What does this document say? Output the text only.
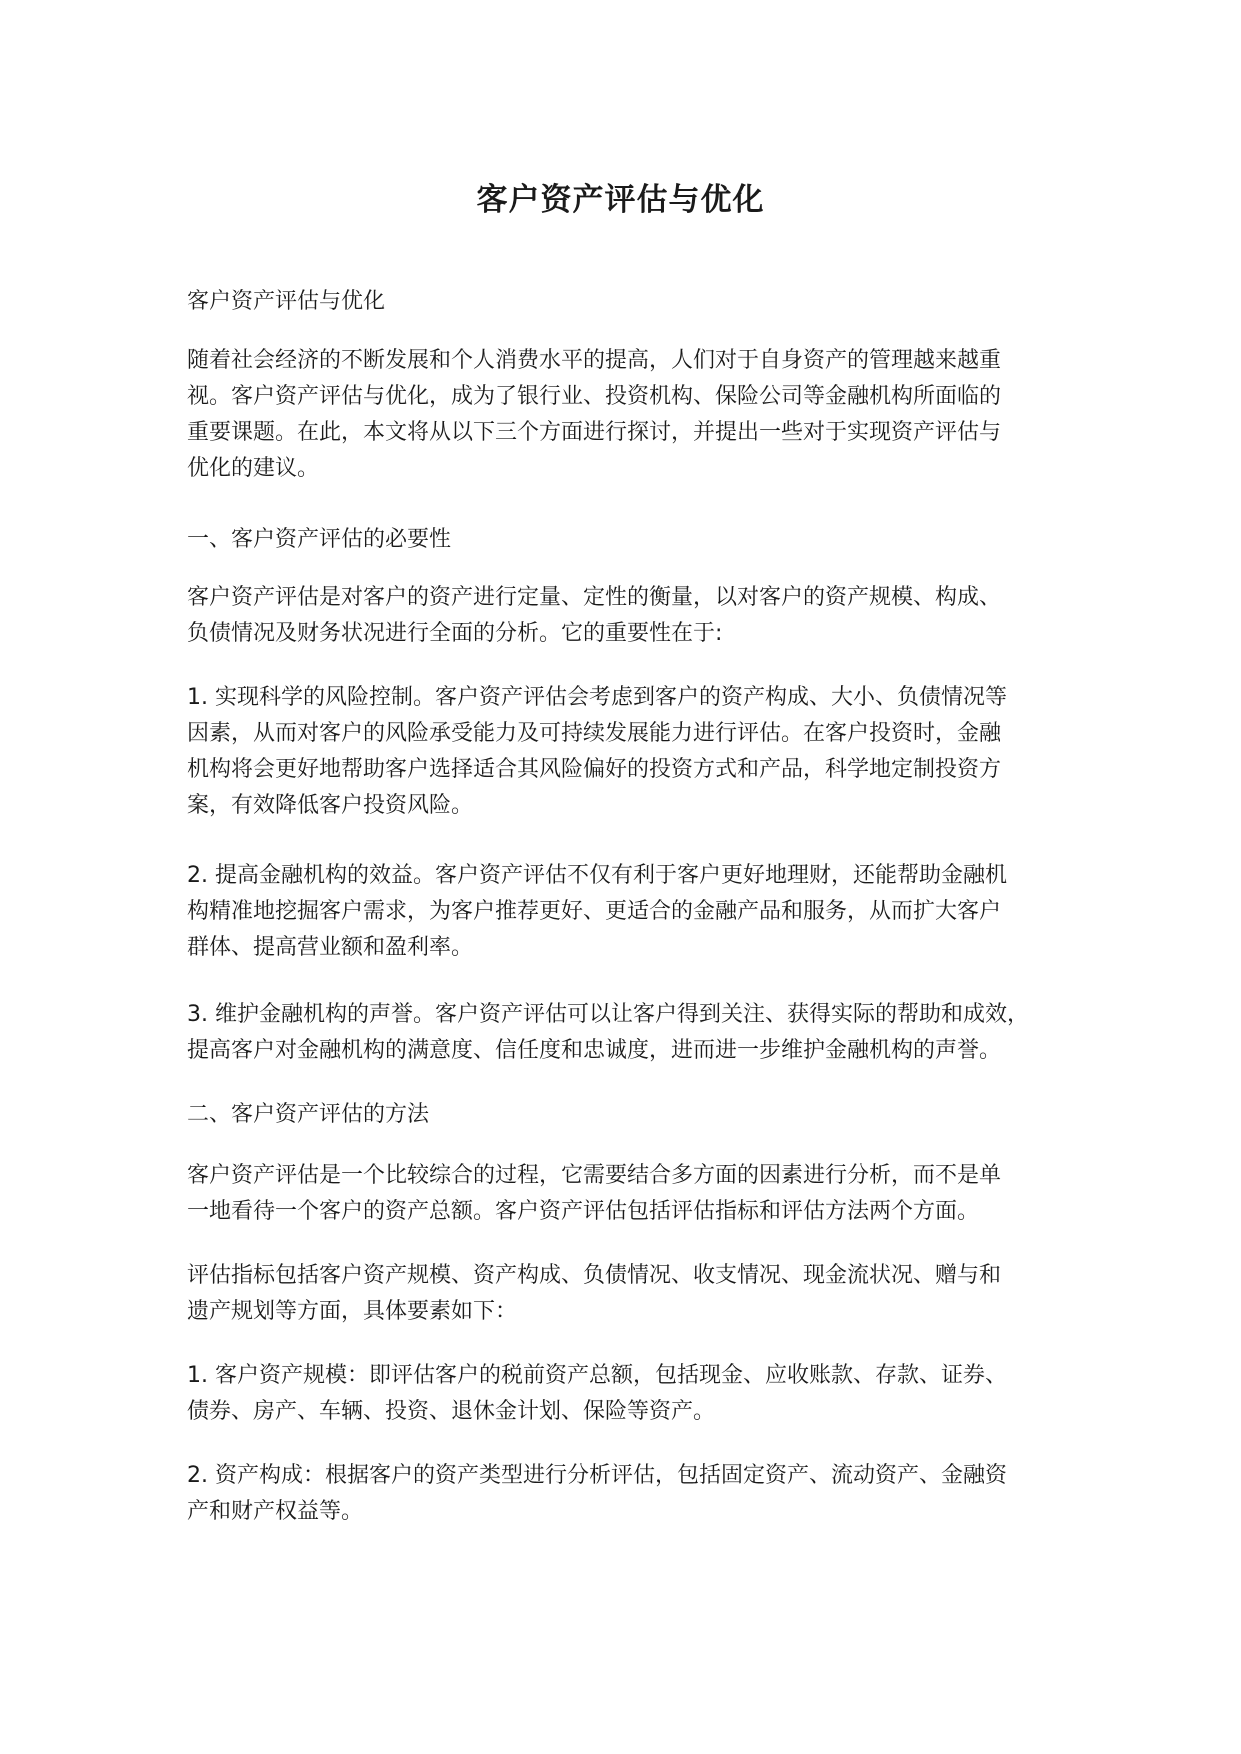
客户资产评估与优化
客户资产评估与优化
随着社会经济的不断发展和个人消费水平的提高，人们对于自身资产的管理越来越重
视。客户资产评估与优化，成为了银行业、投资机构、保险公司等金融机构所面临的
重要课题。在此，本文将从以下三个方面进行探讨，并提出一些对于实现资产评估与
优化的建议。
一、客户资产评估的必要性
客户资产评估是对客户的资产进行定量、定性的衡量，以对客户的资产规模、构成、
负债情况及财务状况进行全面的分析。它的重要性在于:
1. 实现科学的风险控制。客户资产评估会考虑到客户的资产构成、大小、负债情况等
因素，从而对客户的风险承受能力及可持续发展能力进行评估。在客户投资时，金融
机构将会更好地帮助客户选择适合其风险偏好的投资方式和产品，科学地定制投资方
案，有效降低客户投资风险。
2. 提高金融机构的效益。客户资产评估不仅有利于客户更好地理财，还能帮助金融机
构精准地挖掘客户需求，为客户推荐更好、更适合的金融产品和服务，从而扩大客户
群体、提高营业额和盈利率。
3. 维护金融机构的声誉。客户资产评估可以让客户得到关注、获得实际的帮助和成效，
提高客户对金融机构的满意度、信任度和忠诚度，进而进一步维护金融机构的声誉。
二、客户资产评估的方法
客户资产评估是一个比较综合的过程，它需要结合多方面的因素进行分析，而不是单
一地看待一个客户的资产总额。客户资产评估包括评估指标和评估方法两个方面。
评估指标包括客户资产规模、资产构成、负债情况、收支情况、现金流状况、赠与和
遗产规划等方面，具体要素如下：
1. 客户资产规模：即评估客户的税前资产总额，包括现金、应收账款、存款、证券、
债券、房产、车辆、投资、退休金计划、保险等资产。
2. 资产构成：根据客户的资产类型进行分析评估，包括固定资产、流动资产、金融资
产和财产权益等。
